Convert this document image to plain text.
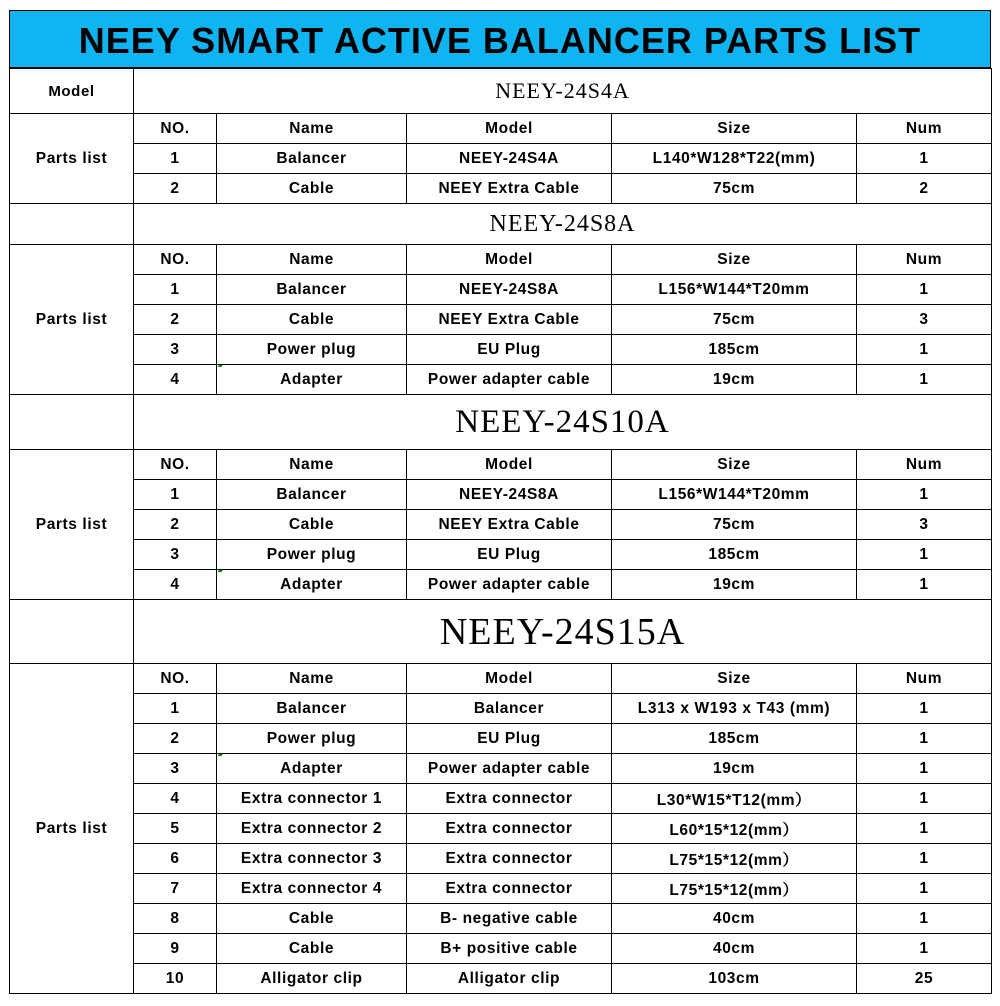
NEEY SMART ACTIVE BALANCER PARTS LIST
Model	NEEY-24S4A				
Parts list	NO.	Name	Model	Size	Num
	1	Balancer	NEEY-24S4A	L140*W128*T22(mm)	1
	2	Cable	NEEY Extra Cable	75cm	2
	NEEY-24S8A				
Parts list	NO.	Name	Model	Size	Num
	1	Balancer	NEEY-24S8A	L156*W144*T20mm	1
	2	Cable	NEEY Extra Cable	75cm	3
	3	Power plug	EU Plug	185cm	1
	4	Adapter	Power adapter cable	19cm	1
	NEEY-24S10A				
Parts list	NO.	Name	Model	Size	Num
	1	Balancer	NEEY-24S8A	L156*W144*T20mm	1
	2	Cable	NEEY Extra Cable	75cm	3
	3	Power plug	EU Plug	185cm	1
	4	Adapter	Power adapter cable	19cm	1
	NEEY-24S15A				
Parts list	NO.	Name	Model	Size	Num
	1	Balancer	Balancer	L313 x W193 x T43 (mm)	1
	2	Power plug	EU Plug	185cm	1
	3	Adapter	Power adapter cable	19cm	1
	4	Extra connector 1	Extra connector	L30*W15*T12(mm）	1
	5	Extra connector 2	Extra connector	L60*15*12(mm）	1
	6	Extra connector 3	Extra connector	L75*15*12(mm）	1
	7	Extra connector 4	Extra connector	L75*15*12(mm）	1
	8	Cable	B- negative cable	40cm	1
	9	Cable	B+ positive cable	40cm	1
	10	Alligator clip	Alligator clip	103cm	25
